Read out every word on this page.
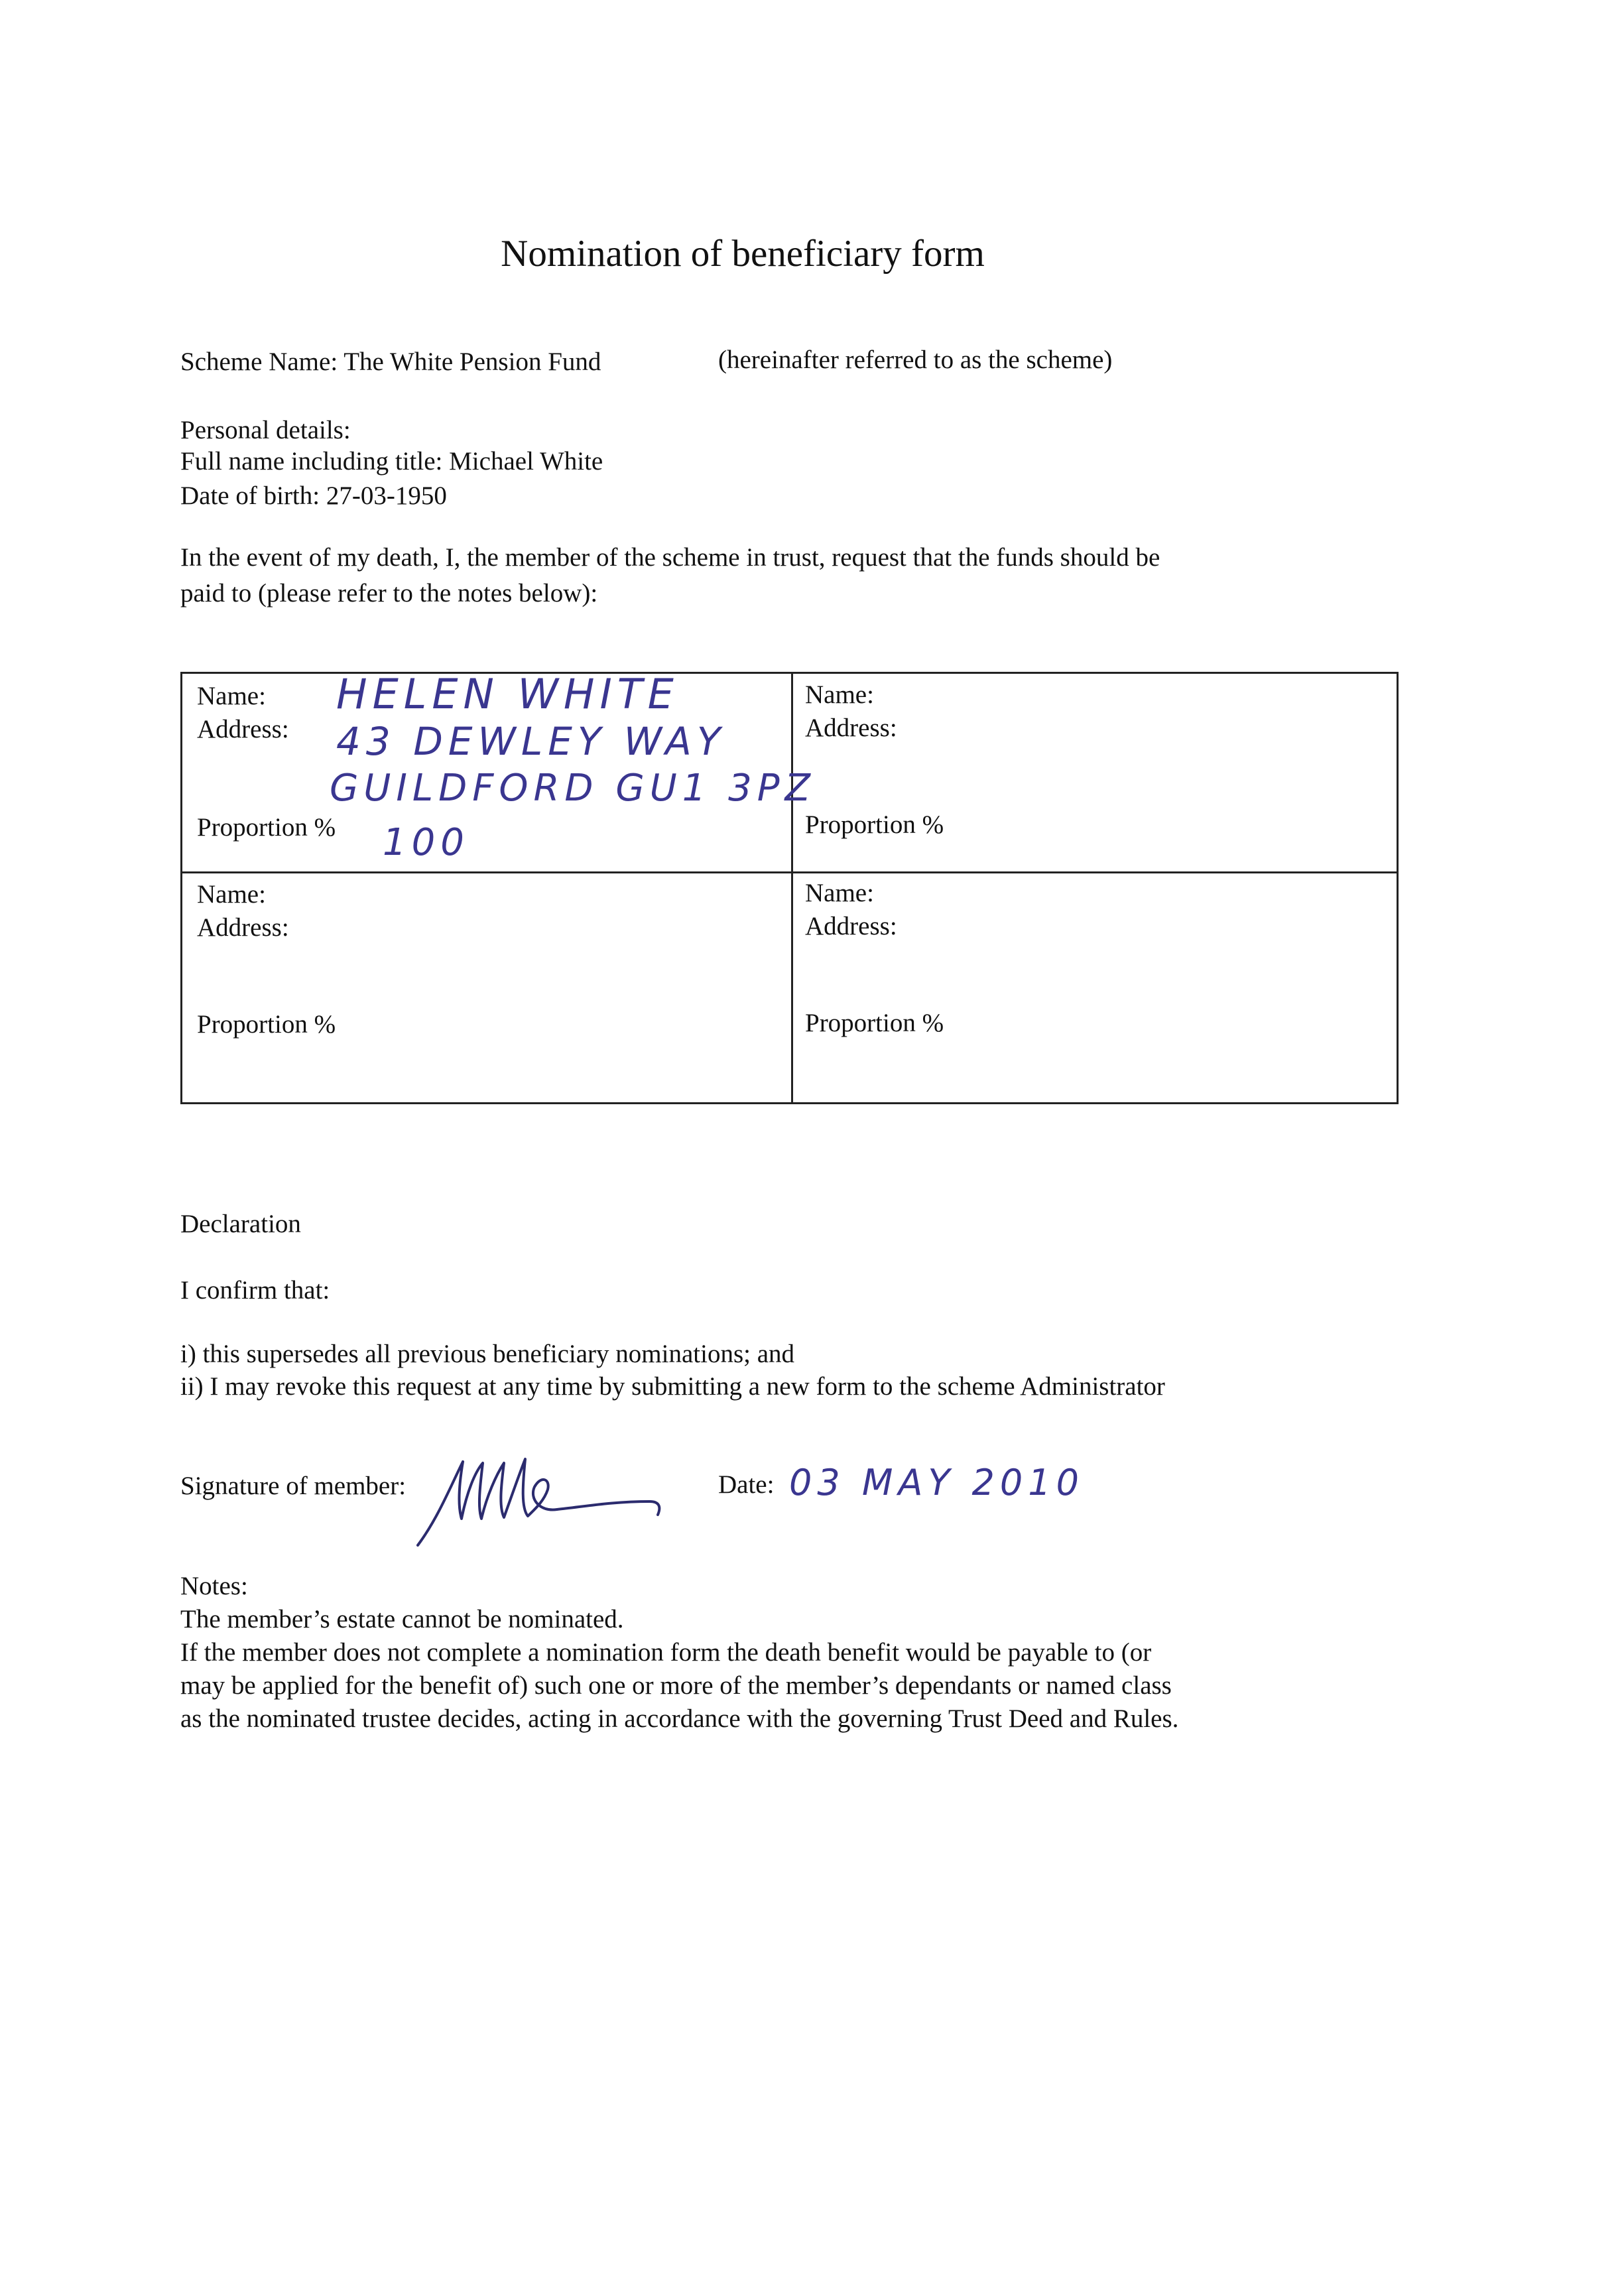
Nomination of beneficiary form
Scheme Name: The White Pension Fund	(hereinafter referred to as the scheme)
Personal details:
Full name including title: Michael White
Date of birth: 27-03-1950
In the event of my death, I, the member of the scheme in trust, request that the funds should be
paid to (please refer to the notes below):
Name:
Address:
Proportion %
HELEN WHITE
43 DEWLEY WAY
GUILDFORD GU1 3PZ
100
Name:
Address:
Proportion %
Name:
Address:
Proportion %
Name:
Address:
Proportion %
Declaration
I confirm that:
i) this supersedes all previous beneficiary nominations; and
ii) I may revoke this request at any time by submitting a new form to the scheme Administrator
Signature of member:	Date: 03 MAY 2010
Notes:
The member’s estate cannot be nominated.
If the member does not complete a nomination form the death benefit would be payable to (or
may be applied for the benefit of) such one or more of the member’s dependants or named class
as the nominated trustee decides, acting in accordance with the governing Trust Deed and Rules.
